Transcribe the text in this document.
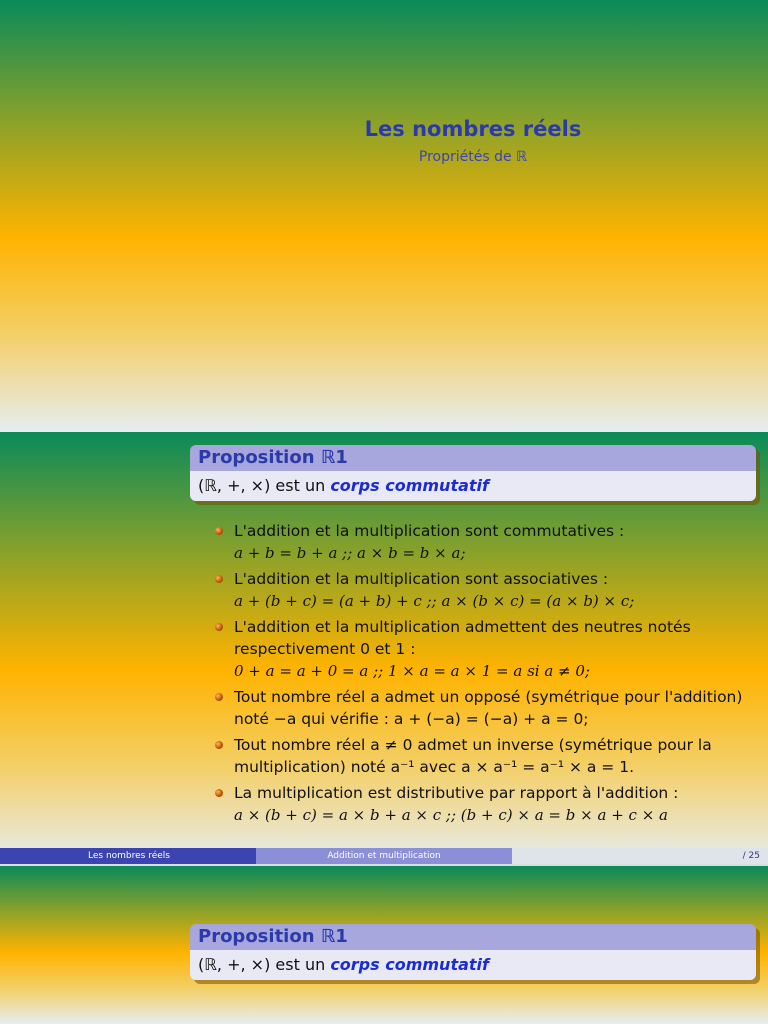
Les nombres réels
Propriétés de ℝ
Proposition ℝ1
(ℝ, +, ×) est un corps commutatif
L'addition et la multiplication sont commutatives :
a + b = b + a ;; a × b = b × a;
L'addition et la multiplication sont associatives :
a + (b + c) = (a + b) + c ;; a × (b × c) = (a × b) × c;
L'addition et la multiplication admettent des neutres notés respectivement 0 et 1 :
0 + a = a + 0 = a ;; 1 × a = a × 1 = a si a ≠ 0;
Tout nombre réel a admet un opposé (symétrique pour l'addition) noté −a qui vérifie : a + (−a) = (−a) + a = 0;
Tout nombre réel a ≠ 0 admet un inverse (symétrique pour la multiplication) noté a⁻¹ avec a × a⁻¹ = a⁻¹ × a = 1.
La multiplication est distributive par rapport à l'addition :
a × (b + c) = a × b + a × c ;; (b + c) × a = b × a + c × a
Les nombres réels	Addition et multiplication	/ 25
Proposition ℝ1
(ℝ, +, ×) est un corps commutatif
